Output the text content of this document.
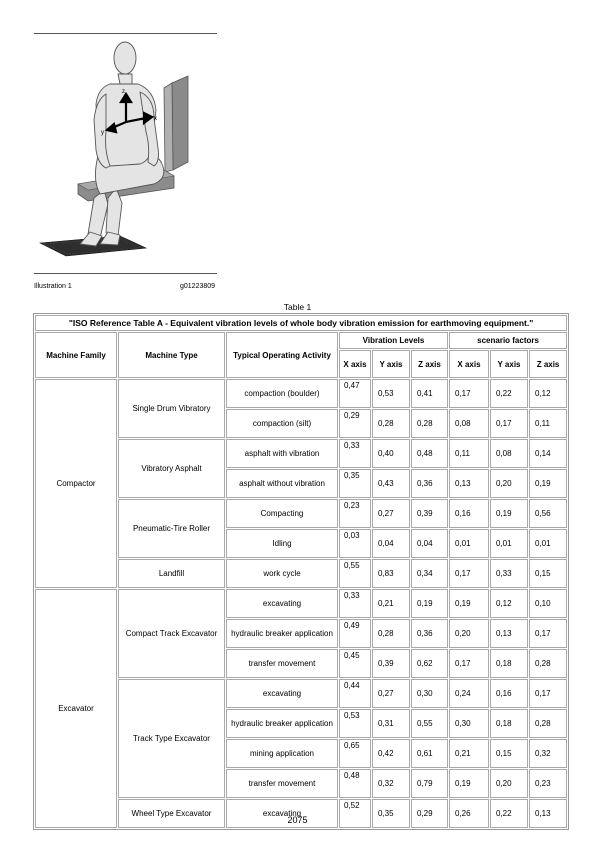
z
x
y
Illustration 1	g01223809
Table 1
"ISO Reference Table A - Equivalent vibration levels of whole body vibration emission for earthmoving equipment."								
Machine Family	Machine Type	Typical Operating Activity	Vibration Levels			scenario factors		
			X axis	Y axis	Z axis	X axis	Y axis	Z axis
Compactor	Single Drum Vibratory	compaction (boulder)	0,47	0,53	0,41	0,17	0,22	0,12
		compaction (silt)	0,29	0,28	0,28	0,08	0,17	0,11
	Vibratory Asphalt	asphalt with vibration	0,33	0,40	0,48	0,11	0,08	0,14
		asphalt without vibration	0,35	0,43	0,36	0,13	0,20	0,19
	Pneumatic-Tire Roller	Compacting	0,23	0,27	0,39	0,16	0,19	0,56
		Idling	0,03	0,04	0,04	0,01	0,01	0,01
	Landfill	work cycle	0,55	0,83	0,34	0,17	0,33	0,15
Excavator	Compact Track Excavator	excavating	0,33	0,21	0,19	0,19	0,12	0,10
		hydraulic breaker application	0,49	0,28	0,36	0,20	0,13	0,17
		transfer movement	0,45	0,39	0,62	0,17	0,18	0,28
	Track Type Excavator	excavating	0,44	0,27	0,30	0,24	0,16	0,17
		hydraulic breaker application	0,53	0,31	0,55	0,30	0,18	0,28
		mining application	0,65	0,42	0,61	0,21	0,15	0,32
		transfer movement	0,48	0,32	0,79	0,19	0,20	0,23
	Wheel Type Excavator	excavating	0,52	0,35	0,29	0,26	0,22	0,13
2075
